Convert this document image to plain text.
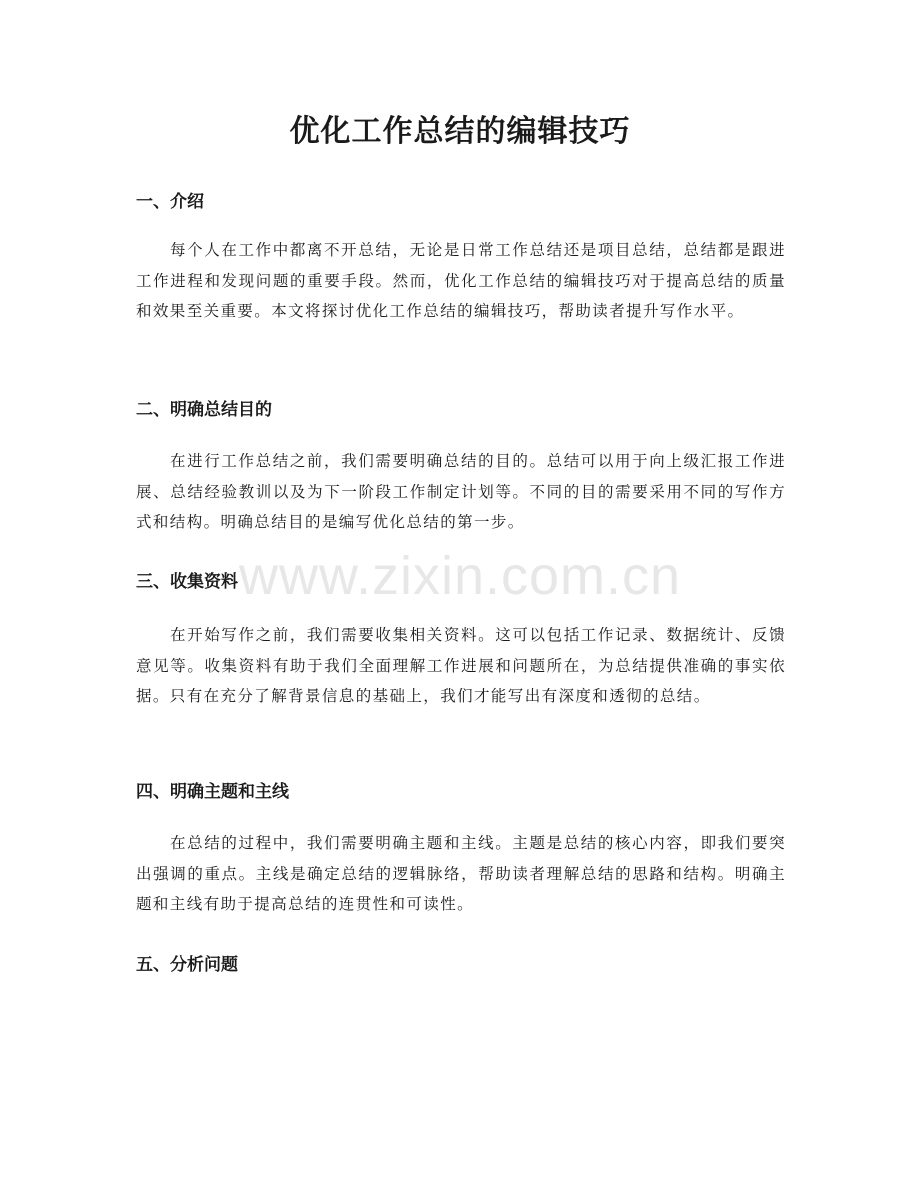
优化工作总结的编辑技巧
一、介绍

每个人在工作中都离不开总结，无论是日常工作总结还是项目总结，总结都是跟进工作进程和发现问题的重要手段。然而，优化工作总结的编辑技巧对于提高总结的质量和效果至关重要。本文将探讨优化工作总结的编辑技巧，帮助读者提升写作水平。

二、明确总结目的

在进行工作总结之前，我们需要明确总结的目的。总结可以用于向上级汇报工作进展、总结经验教训以及为下一阶段工作制定计划等。不同的目的需要采用不同的写作方式和结构。明确总结目的是编写优化总结的第一步。

三、收集资料

在开始写作之前，我们需要收集相关资料。这可以包括工作记录、数据统计、反馈意见等。收集资料有助于我们全面理解工作进展和问题所在，为总结提供准确的事实依据。只有在充分了解背景信息的基础上，我们才能写出有深度和透彻的总结。

四、明确主题和主线

在总结的过程中，我们需要明确主题和主线。主题是总结的核心内容，即我们要突出强调的重点。主线是确定总结的逻辑脉络，帮助读者理解总结的思路和结构。明确主题和主线有助于提高总结的连贯性和可读性。

五、分析问题
www.zixin.com.cn
